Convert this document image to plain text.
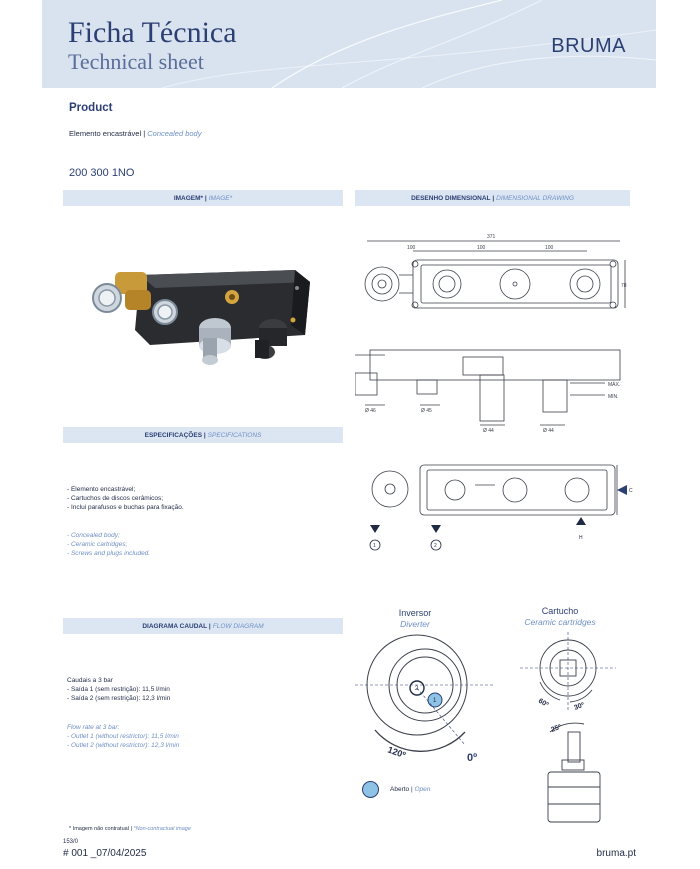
Ficha Técnica
Technical sheet
BRUMA
Product
Elemento encastrável | Concealed body
200 300 1NO
IMAGEM* | IMAGE*	DESENHO DIMENSIONAL | DIMENSIONAL DRAWING
ESPECIFICAÇÕES | SPECIFICATIONS
DIAGRAMA CAUDAL | FLOW DIAGRAM
371
100	100	100
78
MÁX.
MIN.
Ø 46	Ø 45
Ø 44	Ø 44
1	2
C
H
- Elemento encastrável;
- Cartuchos de discos cerâmicos;
- Inclui parafusos e buchas para fixação.
- Concealed body;
- Ceramic cartridges;
- Screws and plugs included.
Caudais a 3 bar
- Saída 1 (sem restrição): 11,5 l/min
- Saída 2 (sem restrição): 12,3 l/min
Flow rate at 3 bar:
- Outlet 1 (without restrictor): 11,5 l/min
- Outlet 2 (without restrictor): 12,3 l/min
Inversor
Diverter
2
1
120º	0º
Cartucho
Ceramic cartridges
60º	30º
25º
Aberto | Open
* Imagem não contratual | *Non-contractual image
153/0
# 001 _07/04/2025	bruma.pt
